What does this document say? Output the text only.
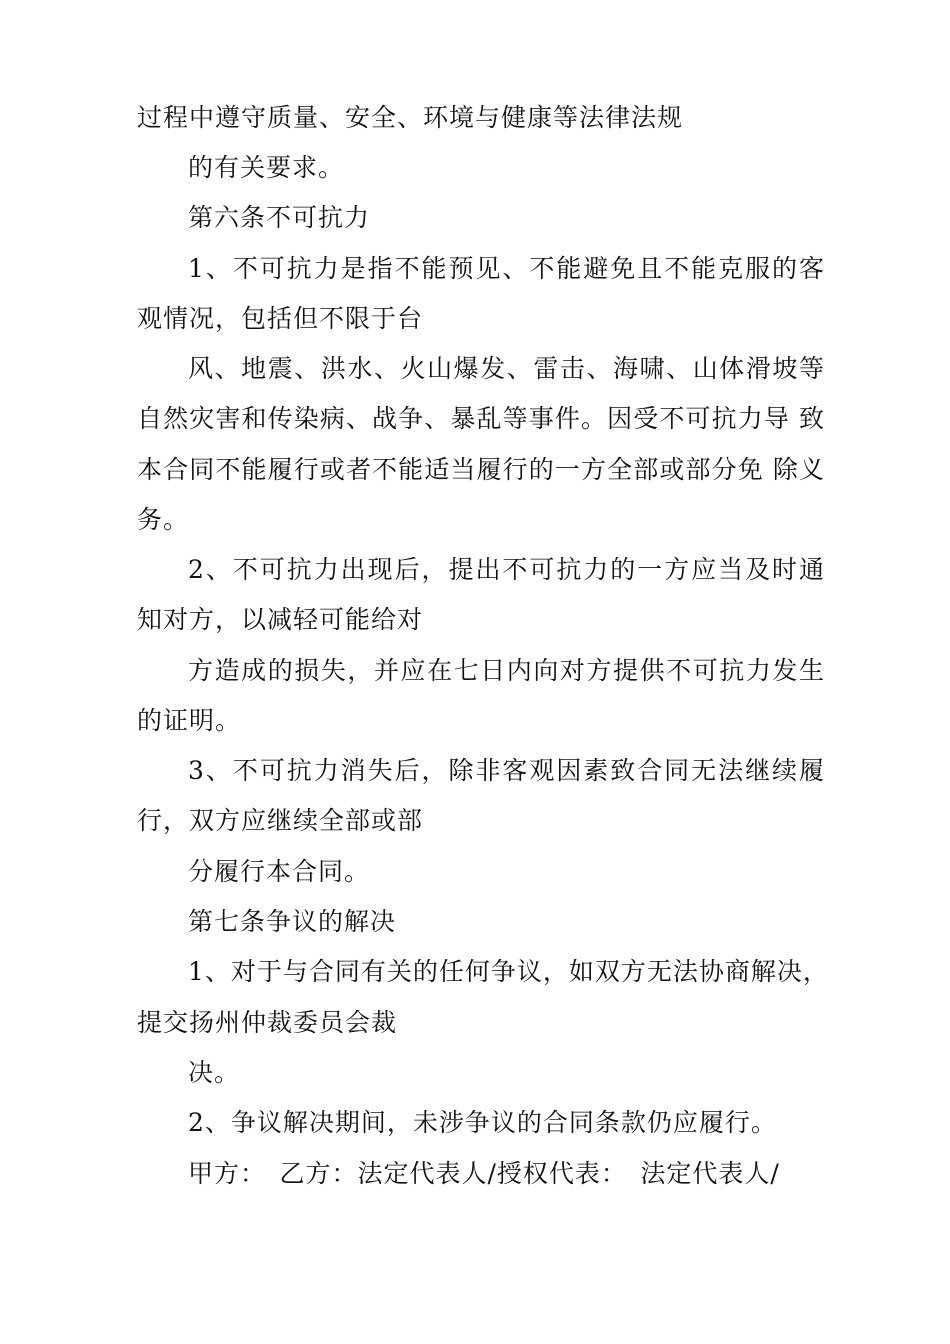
过程中遵守质量、安全、环境与健康等法律法规
的有关要求。
第六条不可抗力
1、不可抗力是指不能预见、不能避免且不能克服的客
观情况，包括但不限于台
风、地震、洪水、火山爆发、雷击、海啸、山体滑坡等
自然灾害和传染病、战争、暴乱等事件。因受不可抗力导 致
本合同不能履行或者不能适当履行的一方全部或部分免 除义
务。
2、不可抗力出现后，提出不可抗力的一方应当及时通
知对方，以减轻可能给对
方造成的损失，并应在七日内向对方提供不可抗力发生
的证明。
3、不可抗力消失后，除非客观因素致合同无法继续履
行，双方应继续全部或部
分履行本合同。
第七条争议的解决
1、对于与合同有关的任何争议，如双方无法协商解决，
提交扬州仲裁委员会裁
决。
2、争议解决期间，未涉争议的合同条款仍应履行。
甲方：　乙方：法定代表人/授权代表：　法定代表人/
